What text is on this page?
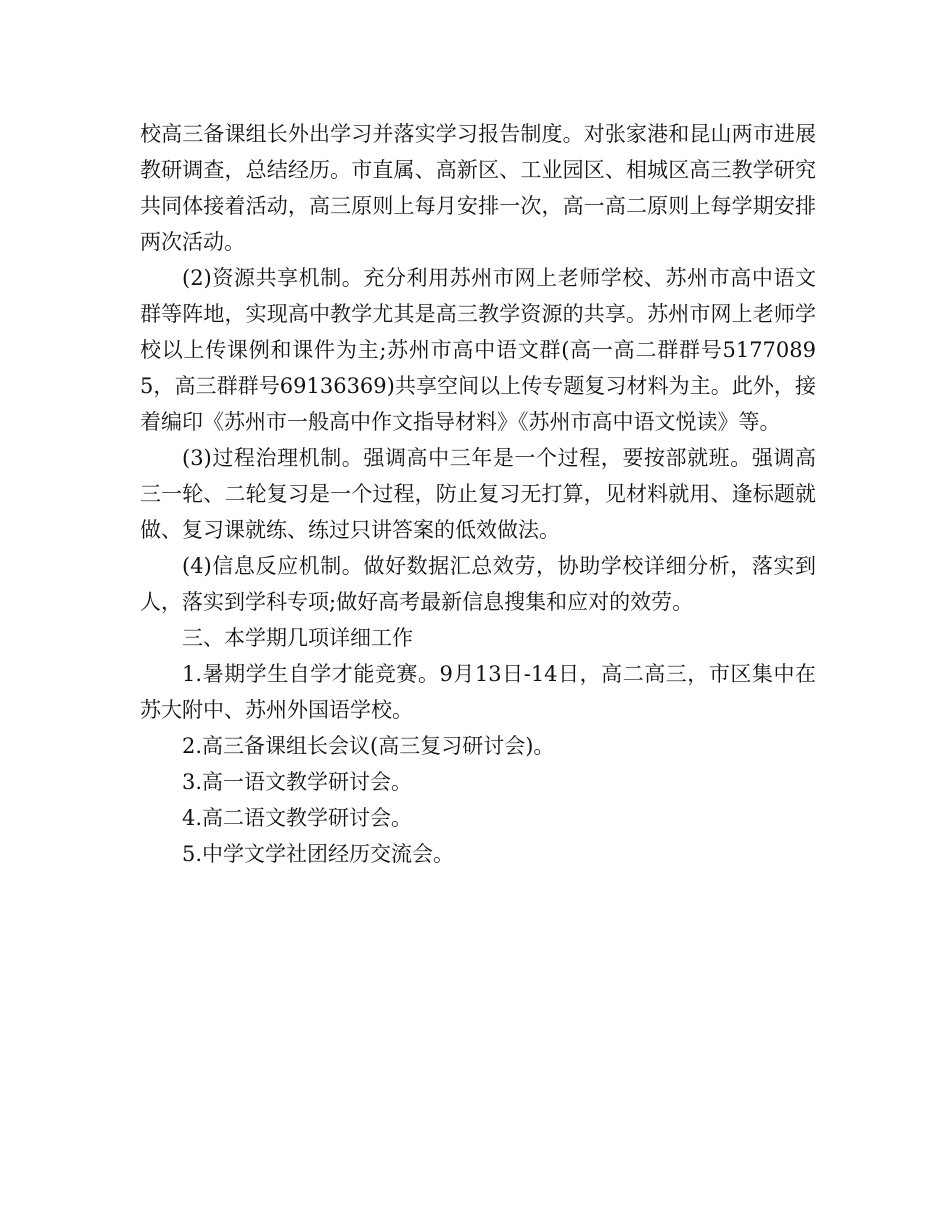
校高三备课组长外出学习并落实学习报告制度。对张家港和昆山两市进展教研调查，总结经历。市直属、高新区、工业园区、相城区高三教学研究共同体接着活动，高三原则上每月安排一次，高一高二原则上每学期安排两次活动。

(2)资源共享机制。充分利用苏州市网上老师学校、苏州市高中语文群等阵地，实现高中教学尤其是高三教学资源的共享。苏州市网上老师学校以上传课例和课件为主;苏州市高中语文群(高一高二群群号51770895，高三群群号69136369)共享空间以上传专题复习材料为主。此外，接着编印《苏州市一般高中作文指导材料》《苏州市高中语文悦读》等。

(3)过程治理机制。强调高中三年是一个过程，要按部就班。强调高三一轮、二轮复习是一个过程，防止复习无打算，见材料就用、逢标题就做、复习课就练、练过只讲答案的低效做法。

(4)信息反应机制。做好数据汇总效劳，协助学校详细分析，落实到人，落实到学科专项;做好高考最新信息搜集和应对的效劳。

三、本学期几项详细工作

1.暑期学生自学才能竞赛。9月13日-14日，高二高三，市区集中在苏大附中、苏州外国语学校。

2.高三备课组长会议(高三复习研讨会)。

3.高一语文教学研讨会。

4.高二语文教学研讨会。

5.中学文学社团经历交流会。
